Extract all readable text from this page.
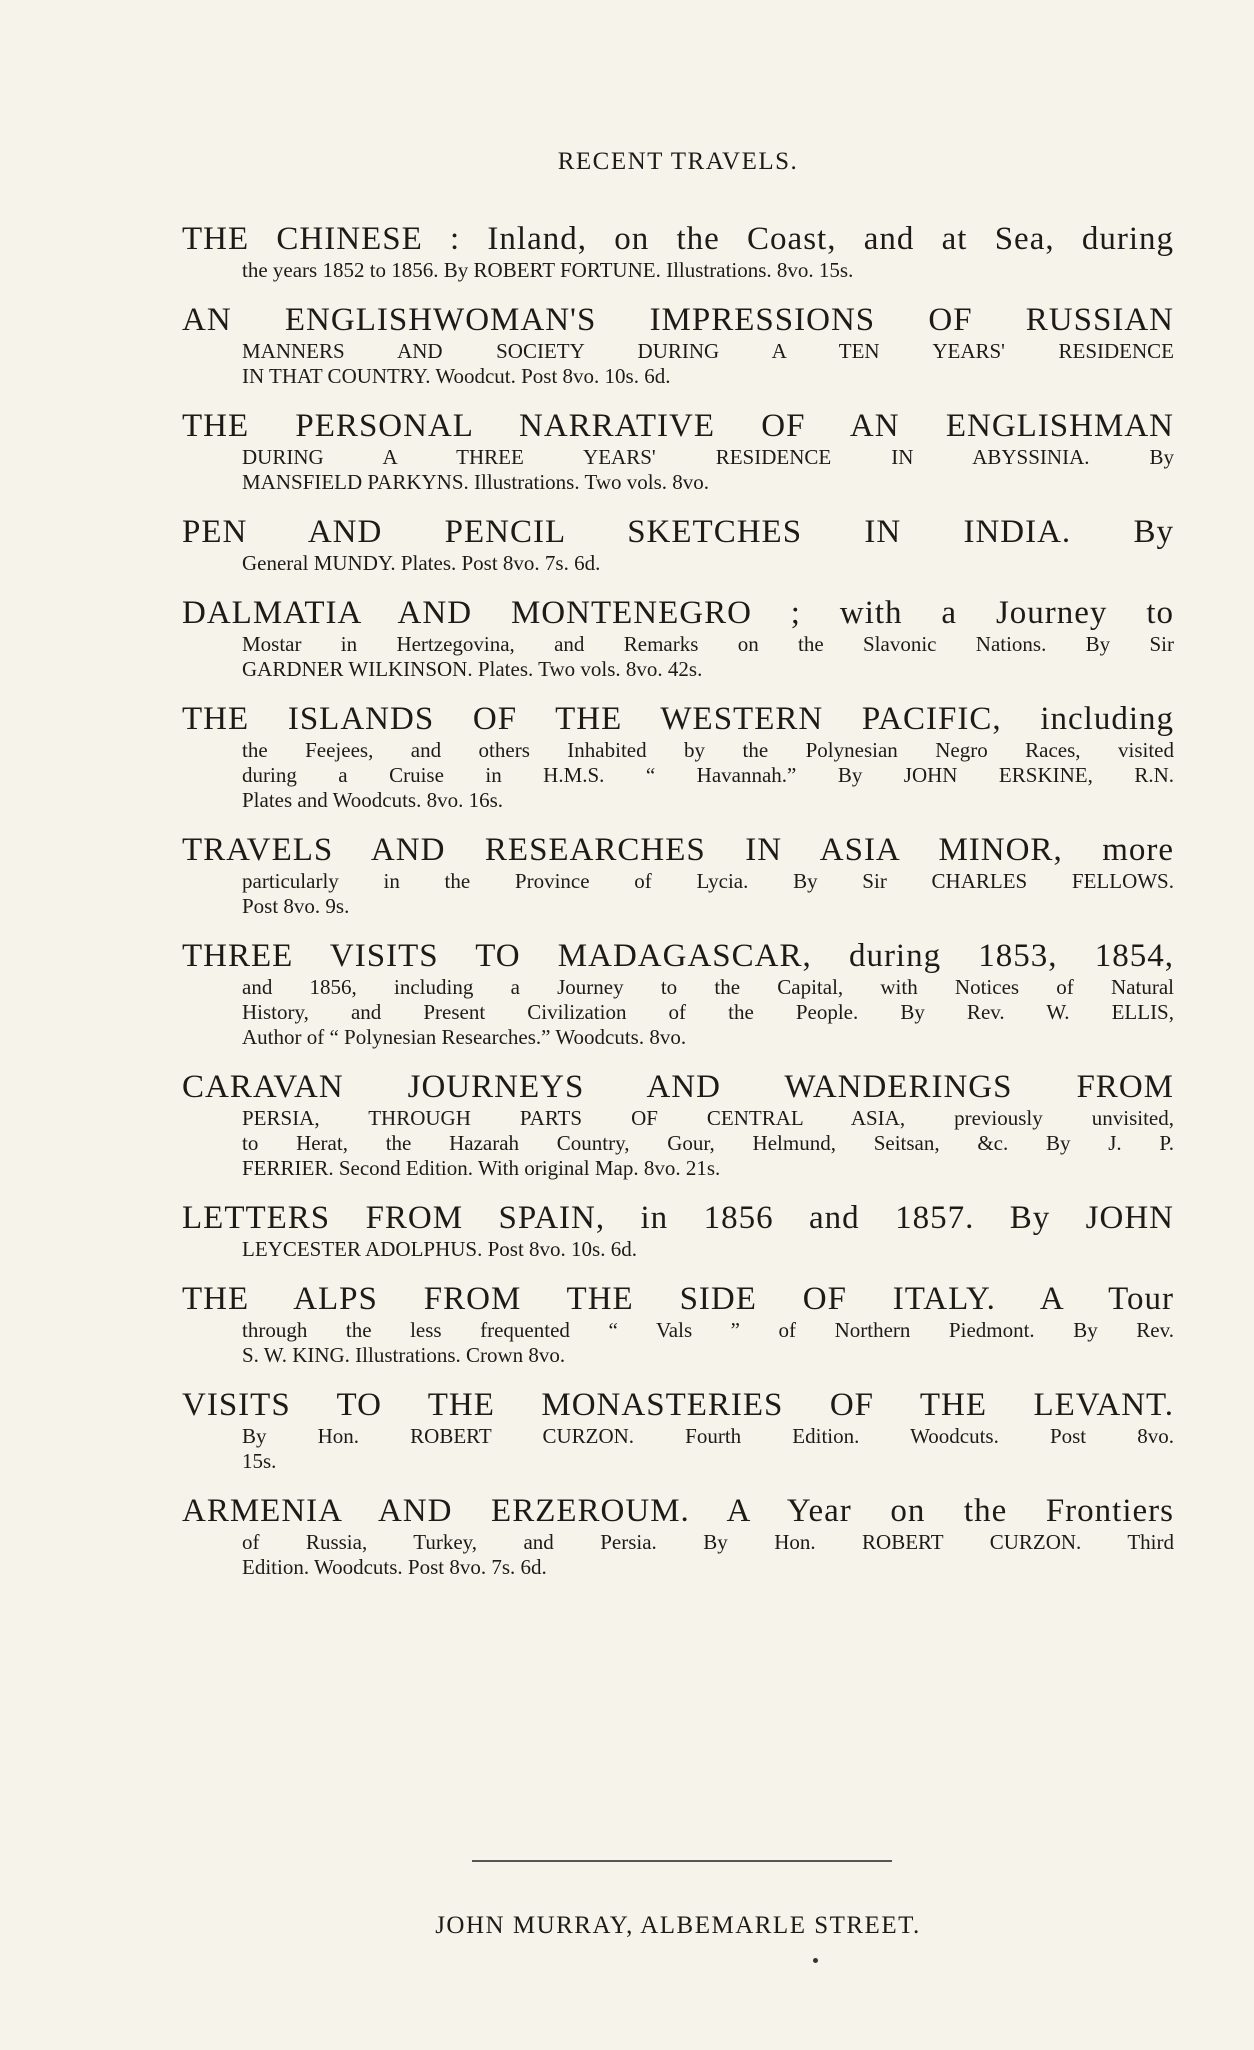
RECENT TRAVELS.
THE CHINESE : Inland, on the Coast, and at Sea, during
the years 1852 to 1856. By ROBERT FORTUNE. Illustrations. 8vo. 15s.
AN ENGLISHWOMAN'S IMPRESSIONS OF RUSSIAN
MANNERS AND SOCIETY DURING A TEN YEARS' RESIDENCE
IN THAT COUNTRY. Woodcut. Post 8vo. 10s. 6d.
THE PERSONAL NARRATIVE OF AN ENGLISHMAN
DURING A THREE YEARS' RESIDENCE IN ABYSSINIA. By
MANSFIELD PARKYNS. Illustrations. Two vols. 8vo.
PEN AND PENCIL SKETCHES IN INDIA. By
General MUNDY. Plates. Post 8vo. 7s. 6d.
DALMATIA AND MONTENEGRO ; with a Journey to
Mostar in Hertzegovina, and Remarks on the Slavonic Nations. By Sir
GARDNER WILKINSON. Plates. Two vols. 8vo. 42s.
THE ISLANDS OF THE WESTERN PACIFIC, including
the Feejees, and others Inhabited by the Polynesian Negro Races, visited
during a Cruise in H.M.S. “ Havannah.” By JOHN ERSKINE, R.N.
Plates and Woodcuts. 8vo. 16s.
TRAVELS AND RESEARCHES IN ASIA MINOR, more
particularly in the Province of Lycia. By Sir CHARLES FELLOWS.
Post 8vo. 9s.
THREE VISITS TO MADAGASCAR, during 1853, 1854,
and 1856, including a Journey to the Capital, with Notices of Natural
History, and Present Civilization of the People. By Rev. W. ELLIS,
Author of “ Polynesian Researches.” Woodcuts. 8vo.
CARAVAN JOURNEYS AND WANDERINGS FROM
PERSIA, THROUGH PARTS OF CENTRAL ASIA, previously unvisited,
to Herat, the Hazarah Country, Gour, Helmund, Seitsan, &c. By J. P.
FERRIER. Second Edition. With original Map. 8vo. 21s.
LETTERS FROM SPAIN, in 1856 and 1857. By JOHN
LEYCESTER ADOLPHUS. Post 8vo. 10s. 6d.
THE ALPS FROM THE SIDE OF ITALY. A Tour
through the less frequented “ Vals ” of Northern Piedmont. By Rev.
S. W. KING. Illustrations. Crown 8vo.
VISITS TO THE MONASTERIES OF THE LEVANT.
By Hon. ROBERT CURZON. Fourth Edition. Woodcuts. Post 8vo.
15s.
ARMENIA AND ERZEROUM. A Year on the Frontiers
of Russia, Turkey, and Persia. By Hon. ROBERT CURZON. Third
Edition. Woodcuts. Post 8vo. 7s. 6d.
JOHN MURRAY, ALBEMARLE STREET.
